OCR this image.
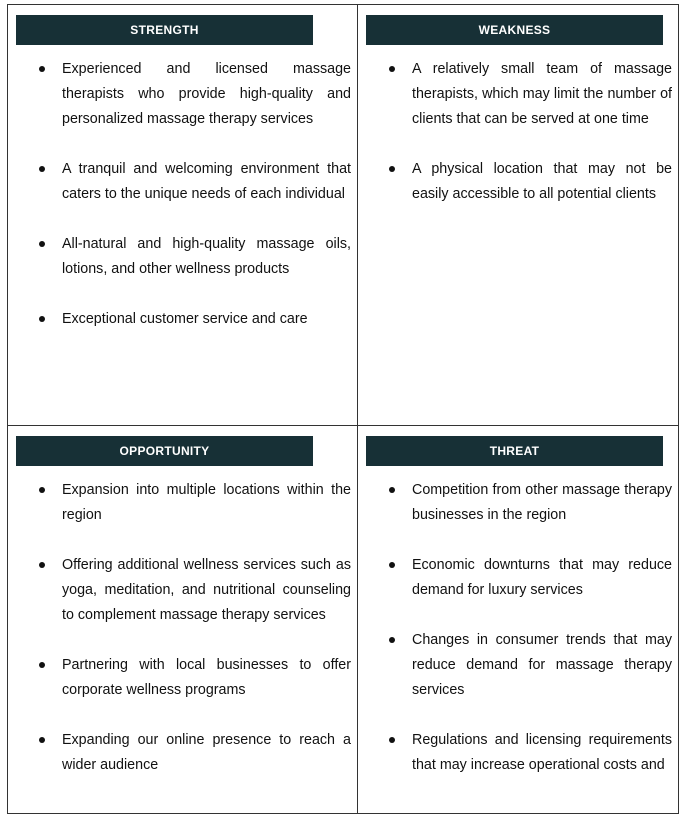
STRENGTH
Experienced and licensed massage therapists who provide high-quality and personalized massage therapy services
A tranquil and welcoming environment that caters to the unique needs of each individual
All-natural and high-quality massage oils, lotions, and other wellness products
Exceptional customer service and care
WEAKNESS
A relatively small team of massage therapists, which may limit the number of clients that can be served at one time
A physical location that may not be easily accessible to all potential clients
OPPORTUNITY
Expansion into multiple locations within the region
Offering additional wellness services such as yoga, meditation, and nutritional counseling to complement massage therapy services
Partnering with local businesses to offer corporate wellness programs
Expanding our online presence to reach a wider audience
THREAT
Competition from other massage therapy businesses in the region
Economic downturns that may reduce demand for luxury services
Changes in consumer trends that may reduce demand for massage therapy services
Regulations and licensing requirements that may increase operational costs and
